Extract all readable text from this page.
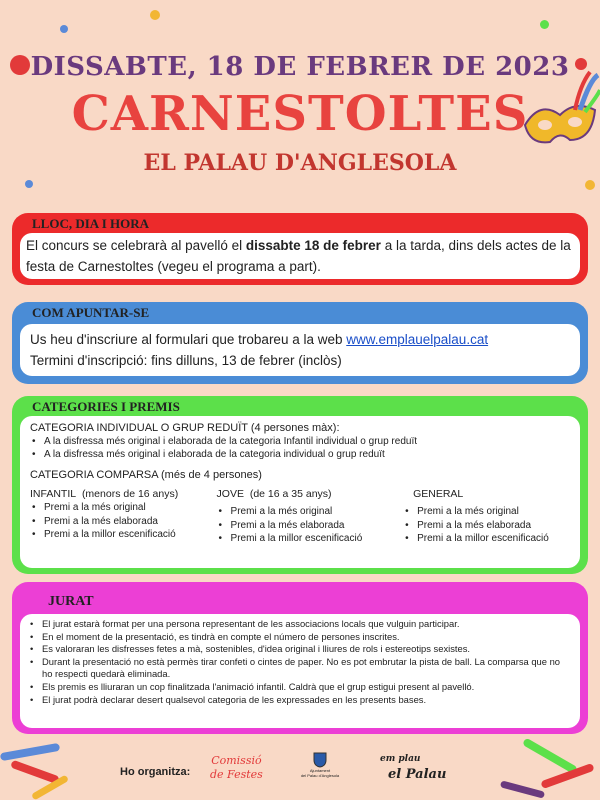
DISSABTE, 18 DE FEBRER DE 2023
CARNESTOLTES
EL PALAU D'ANGLESOLA
LLOC, DIA I HORA
El concurs se celebrarà al pavelló el dissabte 18 de febrer a la tarda, dins dels actes de la festa de Carnestoltes (vegeu el programa a part).
COM APUNTAR-SE
Us heu d'inscriure al formulari que trobareu a la web www.emplauelpalau.cat
Termini d'inscripció: fins dilluns, 13 de febrer (inclòs)
CATEGORIES I PREMIS
CATEGORIA INDIVIDUAL O GRUP REDUÏT (4 persones màx):
• A la disfressa més original i elaborada de la categoria Infantil individual o grup reduït
• A la disfressa més original i elaborada de la categoria individual o grup reduït
CATEGORIA COMPARSA (més de 4 persones)
INFANTIL (menors de 16 anys)
• Premi a la més original
• Premi a la més elaborada
• Premi a la millor escenificació
JOVE (de 16 a 35 anys)
• Premi a la més original
• Premi a la més elaborada
• Premi a la millor escenificació
GENERAL
• Premi a la més original
• Premi a la més elaborada
• Premi a la millor escenificació
JURAT
• El jurat estarà format per una persona representant de les associacions locals que vulguin participar.
• En el moment de la presentació, es tindrà en compte el número de persones inscrites.
• Es valoraran les disfresses fetes a mà, sostenibles, d'idea original i lliures de rols i estereotips sexistes.
• Durant la presentació no està permès tirar confeti o cintes de paper. No es pot embrutar la pista de ball. La comparsa que no ho respecti quedarà eliminada.
• Els premis es lliuraran un cop finalitzada l'animació infantil. Caldrà que el grup estigui present al pavelló.
• El jurat podrà declarar desert qualsevol categoria de les expressades en les presents bases.
Ho organitza:
Comissió
de Festes	Ajuntament
del Palau d'Anglesola
em plau
el Palau
